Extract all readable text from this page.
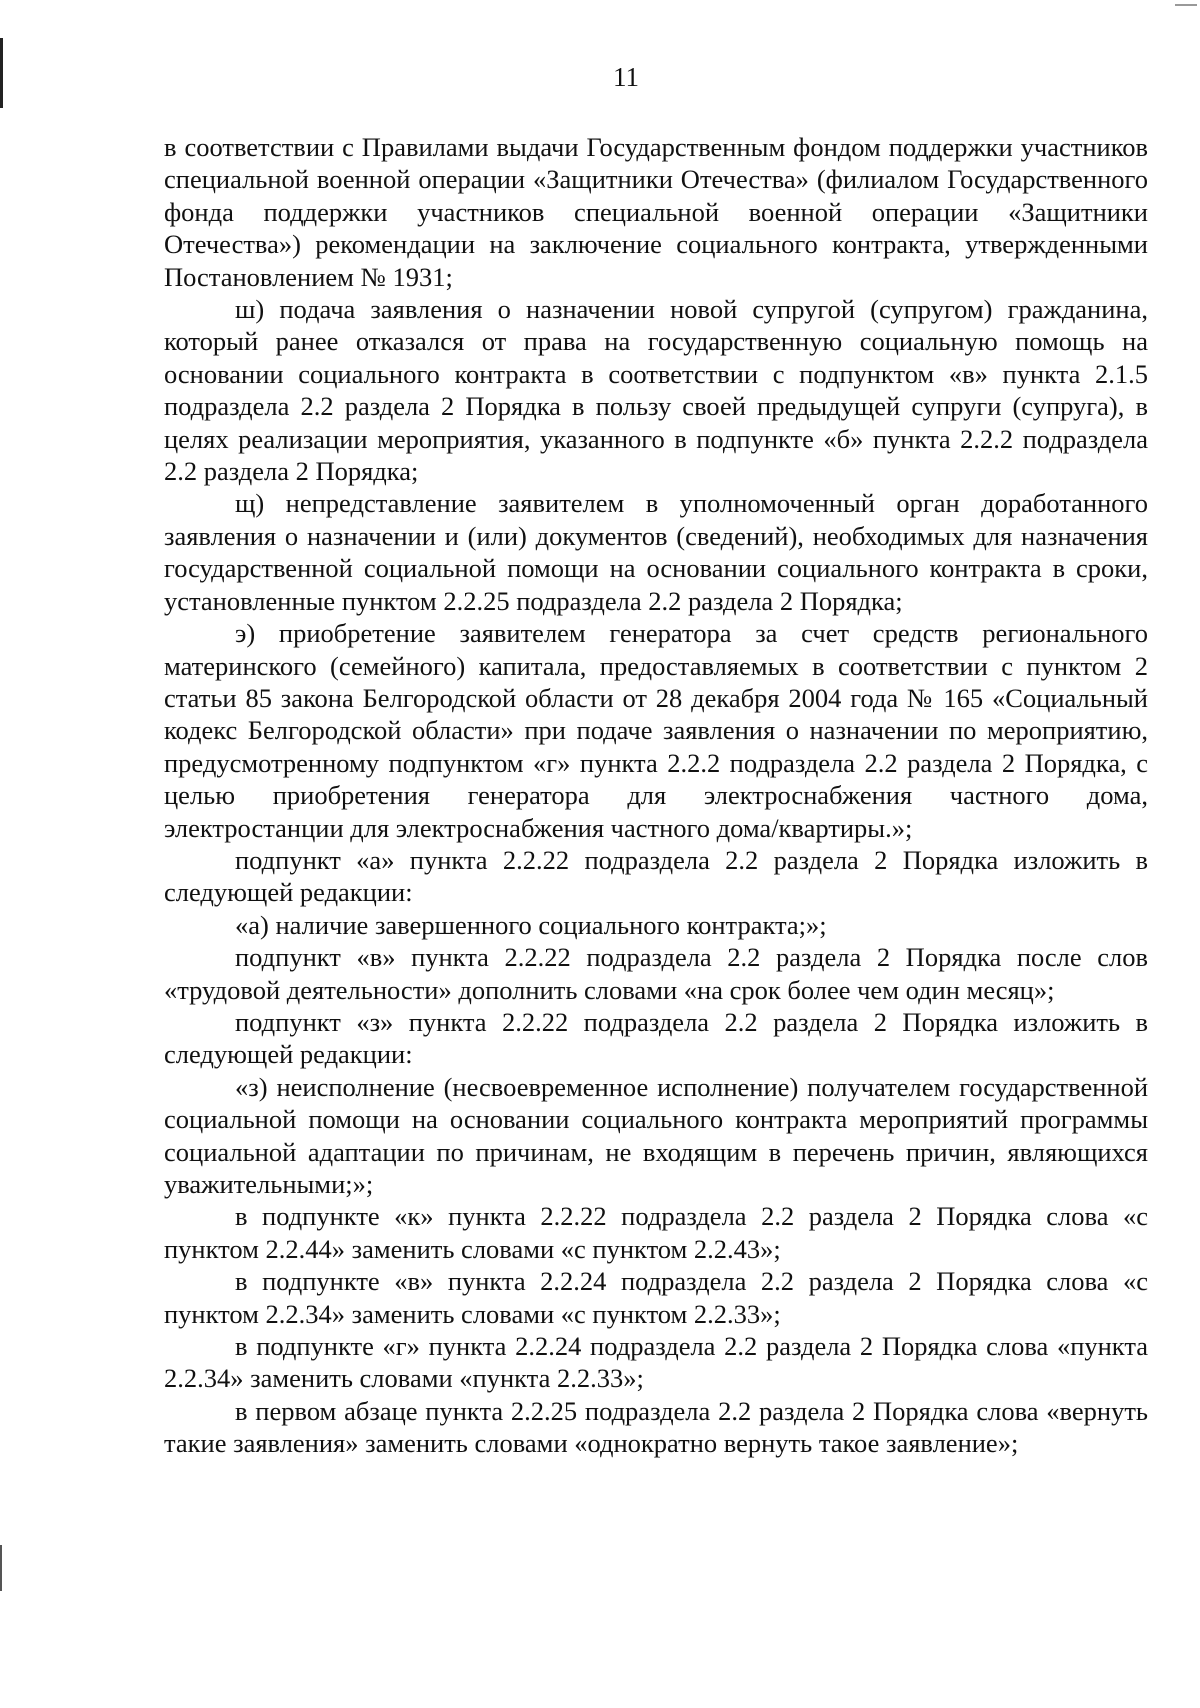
11

в соответствии с Правилами выдачи Государственным фондом поддержки участников специальной военной операции «Защитники Отечества» (филиалом Государственного фонда поддержки участников специальной военной операции «Защитники Отечества») рекомендации на заключение социального контракта, утвержденными Постановлением № 1931;

ш) подача заявления о назначении новой супругой (супругом) гражданина, который ранее отказался от права на государственную социальную помощь на основании социального контракта в соответствии с подпунктом «в» пункта 2.1.5 подраздела 2.2 раздела 2 Порядка в пользу своей предыдущей супруги (супруга), в целях реализации мероприятия, указанного в подпункте «б» пункта 2.2.2 подраздела 2.2 раздела 2 Порядка;

щ) непредставление заявителем в уполномоченный орган доработанного заявления о назначении и (или) документов (сведений), необходимых для назначения государственной социальной помощи на основании социального контракта в сроки, установленные пунктом 2.2.25 подраздела 2.2 раздела 2 Порядка;

э) приобретение заявителем генератора за счет средств регионального материнского (семейного) капитала, предоставляемых в соответствии с пунктом 2 статьи 85 закона Белгородской области от 28 декабря 2004 года № 165 «Социальный кодекс Белгородской области» при подаче заявления о назначении по мероприятию, предусмотренному подпунктом «г» пункта 2.2.2 подраздела 2.2 раздела 2 Порядка, с целью приобретения генератора для электроснабжения частного дома, электростанции для электроснабжения частного дома/квартиры.»;

подпункт «а» пункта 2.2.22 подраздела 2.2 раздела 2 Порядка изложить в следующей редакции:

«а) наличие завершенного социального контракта;»;

подпункт «в» пункта 2.2.22 подраздела 2.2 раздела 2 Порядка после слов «трудовой деятельности» дополнить словами «на срок более чем один месяц»;

подпункт «з» пункта 2.2.22 подраздела 2.2 раздела 2 Порядка изложить в следующей редакции:

«з) неисполнение (несвоевременное исполнение) получателем государственной социальной помощи на основании социального контракта мероприятий программы социальной адаптации по причинам, не входящим в перечень причин, являющихся уважительными;»;

в подпункте «к» пункта 2.2.22 подраздела 2.2 раздела 2 Порядка слова «с пунктом 2.2.44» заменить словами «с пунктом 2.2.43»;

в подпункте «в» пункта 2.2.24 подраздела 2.2 раздела 2 Порядка слова «с пунктом 2.2.34» заменить словами «с пунктом 2.2.33»;

в подпункте «г» пункта 2.2.24 подраздела 2.2 раздела 2 Порядка слова «пункта 2.2.34» заменить словами «пункта 2.2.33»;

в первом абзаце пункта 2.2.25 подраздела 2.2 раздела 2 Порядка слова «вернуть такие заявления» заменить словами «однократно вернуть такое заявление»;
